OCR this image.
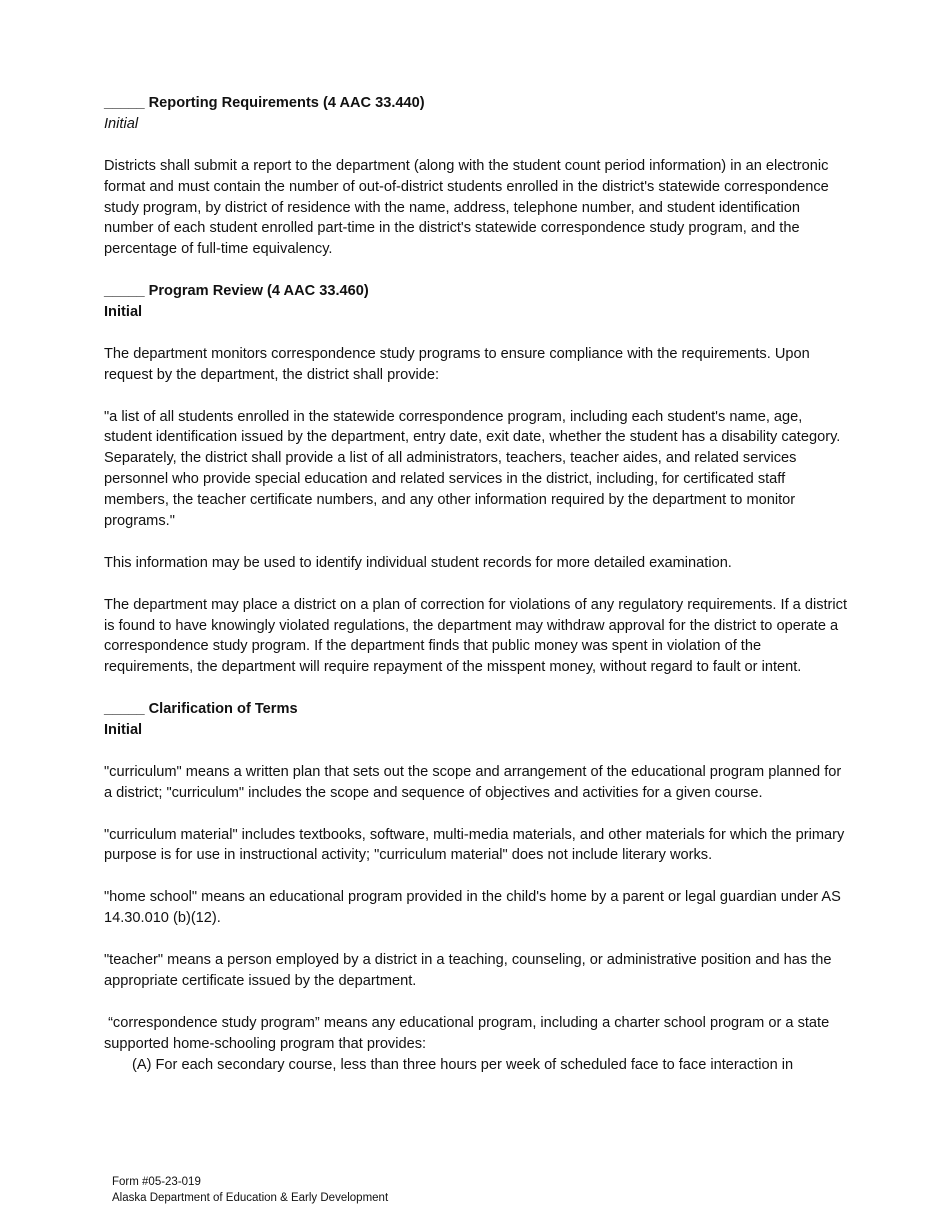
_____ Reporting Requirements (4 AAC 33.440)
Initial

Districts shall submit a report to the department (along with the student count period information) in an electronic format and must contain the number of out-of-district students enrolled in the district's statewide correspondence study program, by district of residence with the name, address, telephone number, and student identification number of each student enrolled part-time in the district's statewide correspondence study program, and the percentage of full-time equivalency.

_____ Program Review (4 AAC 33.460)
Initial

The department monitors correspondence study programs to ensure compliance with the requirements. Upon request by the department, the district shall provide:

"a list of all students enrolled in the statewide correspondence program, including each student's name, age, student identification issued by the department, entry date, exit date, whether the student has a disability category. Separately, the district shall provide a list of all administrators, teachers, teacher aides, and related services personnel who provide special education and related services in the district, including, for certificated staff members, the teacher certificate numbers, and any other information required by the department to monitor programs."

This information may be used to identify individual student records for more detailed examination.

The department may place a district on a plan of correction for violations of any regulatory requirements. If a district is found to have knowingly violated regulations, the department may withdraw approval for the district to operate a correspondence study program. If the department finds that public money was spent in violation of the requirements, the department will require repayment of the misspent money, without regard to fault or intent.

_____ Clarification of Terms
Initial

"curriculum" means a written plan that sets out the scope and arrangement of the educational program planned for a district; "curriculum" includes the scope and sequence of objectives and activities for a given course.

"curriculum material" includes textbooks, software, multi-media materials, and other materials for which the primary purpose is for use in instructional activity; "curriculum material" does not include literary works.

"home school" means an educational program provided in the child's home by a parent or legal guardian under AS 14.30.010 (b)(12).

"teacher" means a person employed by a district in a teaching, counseling, or administrative position and has the appropriate certificate issued by the department.

“correspondence study program” means any educational program, including a charter school program or a state supported home-schooling program that provides:

(A) For each secondary course, less than three hours per week of scheduled face to face interaction in

Form #05-23-019
Alaska Department of Education & Early Development
